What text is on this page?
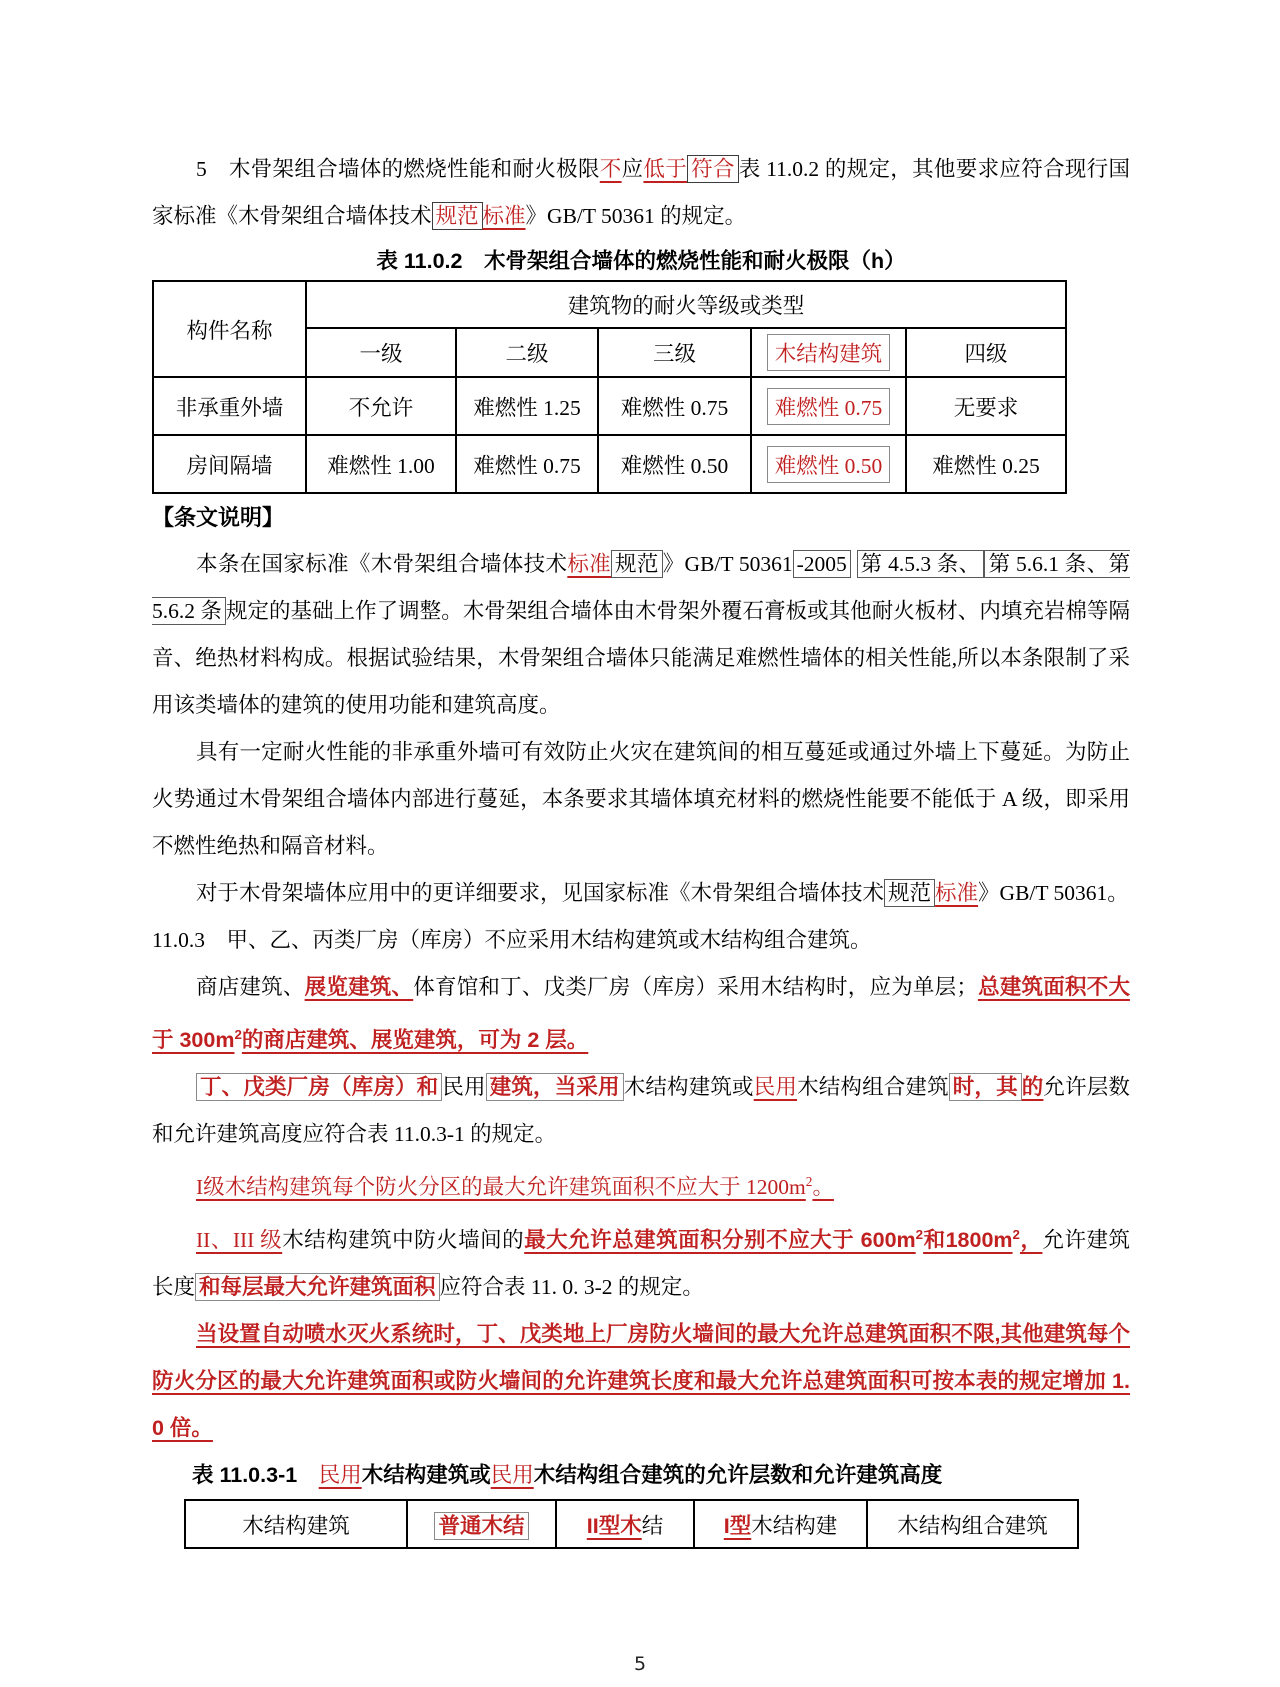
5　木骨架组合墙体的燃烧性能和耐火极限不应低于 符合 表 11.0.2 的规定，其他要求应符合现行国家标准《木骨架组合墙体技术 规范 标准》GB/T 50361 的规定。

表 11.0.2　木骨架组合墙体的燃烧性能和耐火极限（h）

构件名称	建筑物的耐火等级或类型				
	一级	二级	三级	木结构建筑	四级
非承重外墙	不允许	难燃性 1.25	难燃性 0.75	难燃性 0.75	无要求
房间隔墙	难燃性 1.00	难燃性 0.75	难燃性 0.50	难燃性 0.50	难燃性 0.25

【条文说明】

本条在国家标准《木骨架组合墙体技术标准 规范 》GB/T 50361 -2005 第 4.5.3 条、 第 5.6.1 条、第 5.6.2 条 规定的基础上作了调整。木骨架组合墙体由木骨架外覆石膏板或其他耐火板材、内填充岩棉等隔音、绝热材料构成。根据试验结果，木骨架组合墙体只能满足难燃性墙体的相关性能,所以本条限制了采用该类墙体的建筑的使用功能和建筑高度。

具有一定耐火性能的非承重外墙可有效防止火灾在建筑间的相互蔓延或通过外墙上下蔓延。为防止火势通过木骨架组合墙体内部进行蔓延，本条要求其墙体填充材料的燃烧性能要不能低于 A 级，即采用不燃性绝热和隔音材料。

对于木骨架墙体应用中的更详细要求，见国家标准《木骨架组合墙体技术 规范 标准》GB/T 50361。

11.0.3　甲、乙、丙类厂房（库房）不应采用木结构建筑或木结构组合建筑。

商店建筑、展览建筑、体育馆和丁、戊类厂房（库房）采用木结构时，应为单层；总建筑面积不大于 $300m^2$的商店建筑、展览建筑，可为 2 层。

丁、戊类厂房（库房）和 民用 建筑，当采用 木结构建筑或民用木结构组合建筑 时，其 的允许层数和允许建筑高度应符合表 11.0.3-1 的规定。

I级木结构建筑每个防火分区的最大允许建筑面积不应大于 $1200m^2$。

II、III 级木结构建筑中防火墙间的最大允许总建筑面积分别不应大于 $600m^2$和$1800m^2$，允许建筑长度 和每层最大允许建筑面积 应符合表 11. 0. 3-2 的规定。

当设置自动喷水灭火系统时，丁、戊类地上厂房防火墙间的最大允许总建筑面积不限,其他建筑每个防火分区的最大允许建筑面积或防火墙间的允许建筑长度和最大允许总建筑面积可按本表的规定增加 1. 0 倍。

表 11.0.3-1　民用木结构建筑或民用木结构组合建筑的允许层数和允许建筑高度

木结构建筑	普通木结	II型木结	I型木结构建	木结构组合建筑
5
